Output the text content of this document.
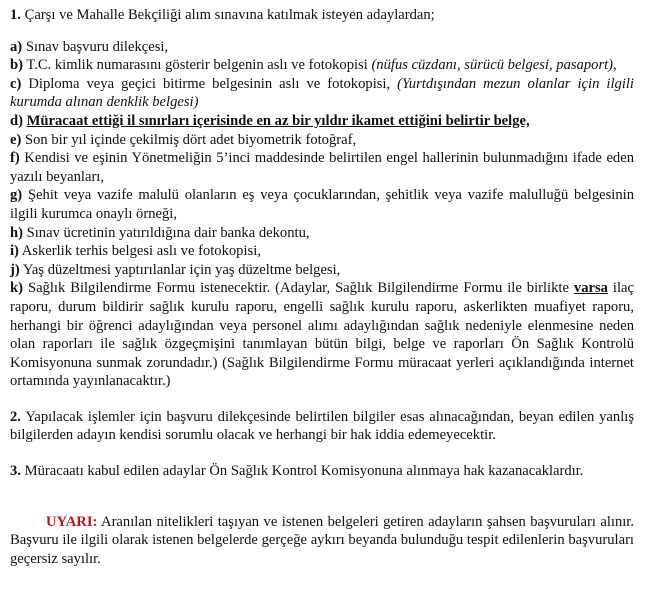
1. Çarşı ve Mahalle Bekçiliği alım sınavına katılmak isteyen adaylardan;

a) Sınav başvuru dilekçesi,

b) T.C. kimlik numarasını gösterir belgenin aslı ve fotokopisi (nüfus cüzdanı, sürücü belgesi, pasaport),

c) Diploma veya geçici bitirme belgesinin aslı ve fotokopisi, (Yurtdışından mezun olanlar için ilgili kurumda alınan denklik belgesi)

d) Müracaat ettiği il sınırları içerisinde en az bir yıldır ikamet ettiğini belirtir belge,

e) Son bir yıl içinde çekilmiş dört adet biyometrik fotoğraf,

f) Kendisi ve eşinin Yönetmeliğin 5’inci maddesinde belirtilen engel hallerinin bulunmadığını ifade eden yazılı beyanları,

g) Şehit veya vazife malulü olanların eş veya çocuklarından, şehitlik veya vazife malulluğü belgesinin ilgili kurumca onaylı örneği,

h) Sınav ücretinin yatırıldığına dair banka dekontu,

i) Askerlik terhis belgesi aslı ve fotokopisi,

j) Yaş düzeltmesi yaptırılanlar için yaş düzeltme belgesi,

k) Sağlık Bilgilendirme Formu istenecektir. (Adaylar, Sağlık Bilgilendirme Formu ile birlikte varsa ilaç raporu, durum bildirir sağlık kurulu raporu, engelli sağlık kurulu raporu, askerlikten muafiyet raporu, herhangi bir öğrenci adaylığından veya personel alımı adaylığından sağlık nedeniyle elenmesine neden olan raporları ile sağlık özgeçmişini tanımlayan bütün bilgi, belge ve raporları Ön Sağlık Kontrolü Komisyonuna sunmak zorundadır.) (Sağlık Bilgilendirme Formu müracaat yerleri açıklandığında internet ortamında yayınlanacaktır.)

2. Yapılacak işlemler için başvuru dilekçesinde belirtilen bilgiler esas alınacağından, beyan edilen yanlış bilgilerden adayın kendisi sorumlu olacak ve herhangi bir hak iddia edemeyecektir.

3. Müracaatı kabul edilen adaylar Ön Sağlık Kontrol Komisyonuna alınmaya hak kazanacaklardır.

UYARI: Aranılan nitelikleri taşıyan ve istenen belgeleri getiren adayların şahsen başvuruları alınır. Başvuru ile ilgili olarak istenen belgelerde gerçeğe aykırı beyanda bulunduğu tespit edilenlerin başvuruları geçersiz sayılır.
